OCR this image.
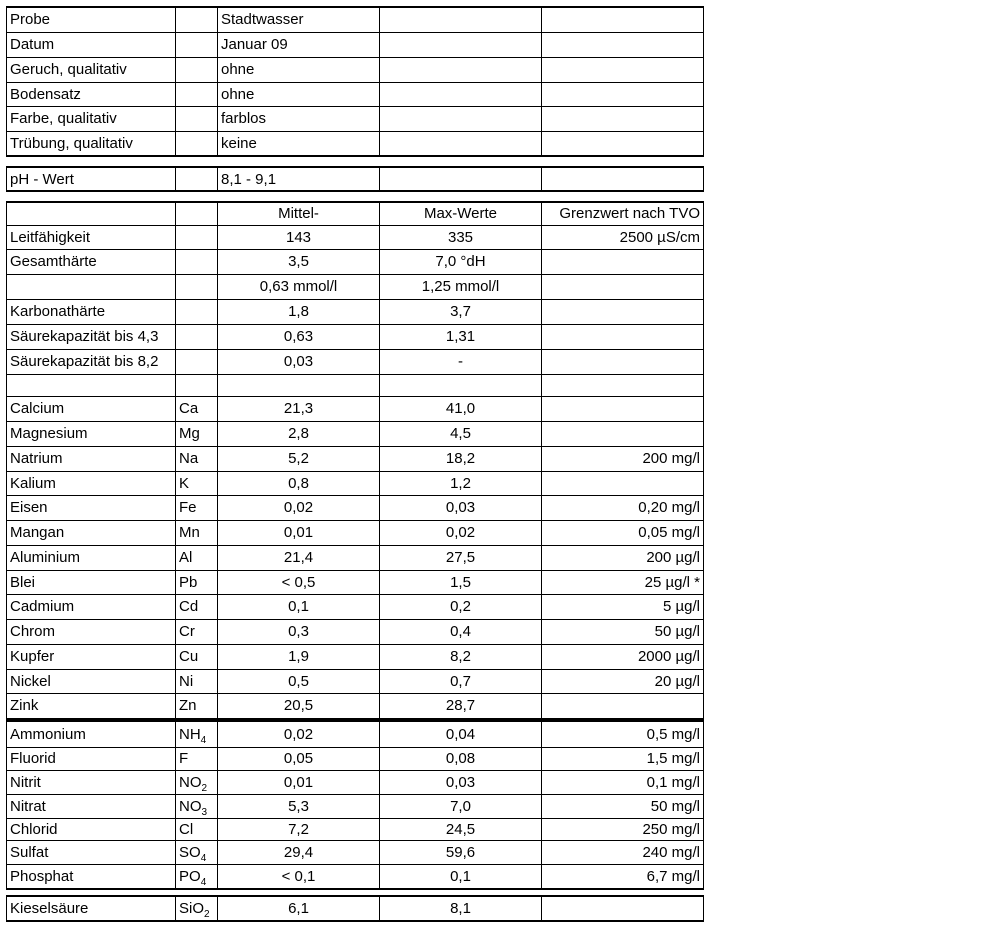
Probe		Stadtwasser		
Datum		Januar 09		
Geruch, qualitativ		ohne		
Bodensatz		ohne		
Farbe, qualitativ		farblos		
Trübung, qualitativ		keine		
pH - Wert		8,1 - 9,1		
		Mittel-	Max-Werte	Grenzwert nach TVO
Leitfähigkeit		143	335	2500 µS/cm
Gesamthärte		3,5	7,0 °dH	
		0,63 mmol/l	1,25 mmol/l	
Karbonathärte		1,8	3,7	
Säurekapazität bis 4,3		0,63	1,31	
Säurekapazität bis 8,2		0,03	-	

Calcium	Ca	21,3	41,0	
Magnesium	Mg	2,8	4,5	
Natrium	Na	5,2	18,2	200 mg/l
Kalium	K	0,8	1,2	
Eisen	Fe	0,02	0,03	0,20 mg/l
Mangan	Mn	0,01	0,02	0,05 mg/l
Aluminium	Al	21,4	27,5	200 µg/l
Blei	Pb	< 0,5	1,5	25 µg/l *
Cadmium	Cd	0,1	0,2	5 µg/l
Chrom	Cr	0,3	0,4	50 µg/l
Kupfer	Cu	1,9	8,2	2000 µg/l
Nickel	Ni	0,5	0,7	20 µg/l
Zink	Zn	20,5	28,7	
Ammonium	$NH_4$	0,02	0,04	0,5 mg/l
Fluorid	F	0,05	0,08	1,5 mg/l
Nitrit	$NO_2$	0,01	0,03	0,1 mg/l
Nitrat	$NO_3$	5,3	7,0	50 mg/l
Chlorid	Cl	7,2	24,5	250 mg/l
Sulfat	$SO_4$	29,4	59,6	240 mg/l
Phosphat	$PO_4$	< 0,1	0,1	6,7 mg/l
Kieselsäure	SiO$_2$	6,1	8,1	
